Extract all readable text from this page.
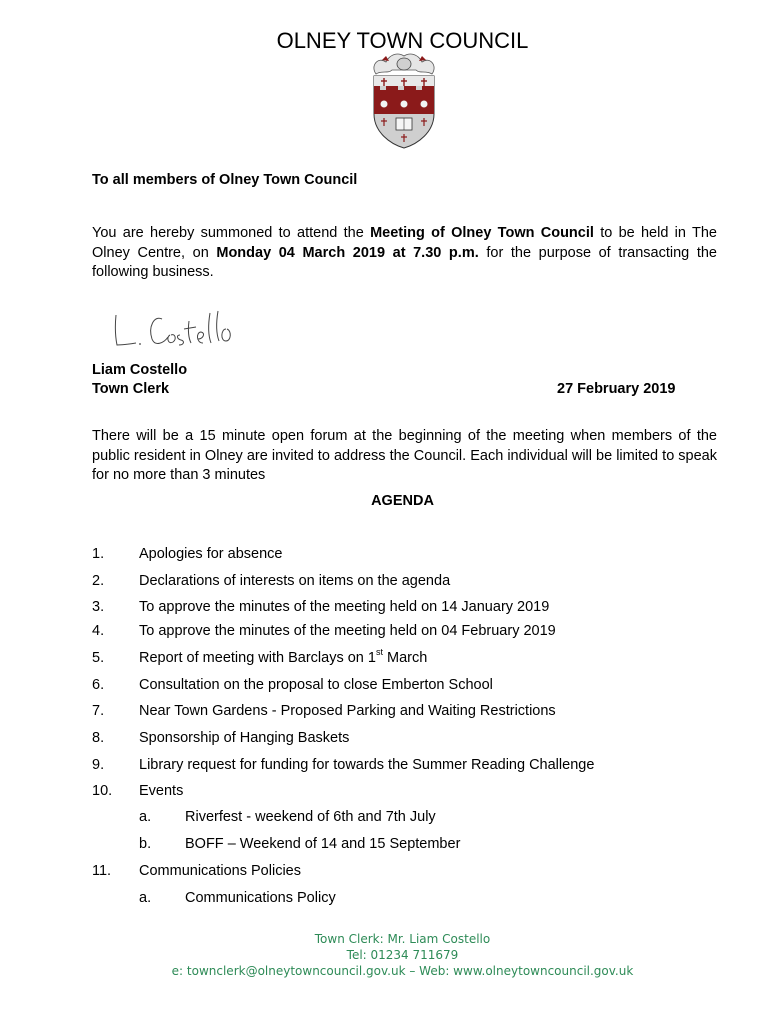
OLNEY TOWN COUNCIL
To all members of Olney Town Council
You are hereby summoned to attend the Meeting of Olney Town Council to be held in The Olney Centre, on Monday 04 March 2019 at 7.30 p.m. for the purpose of transacting the following business.
Liam Costello
Town Clerk	27 February 2019
There will be a 15 minute open forum at the beginning of the meeting when members of the public resident in Olney are invited to address the Council. Each individual will be limited to speak for no more than 3 minutes
AGENDA
1. Apologies for absence
2. Declarations of interests on items on the agenda
3. To approve the minutes of the meeting held on 14 January 2019
4. To approve the minutes of the meeting held on 04 February 2019
5. Report of meeting with Barclays on 1st March
6. Consultation on the proposal to close Emberton School
7. Near Town Gardens - Proposed Parking and Waiting Restrictions
8. Sponsorship of Hanging Baskets
9. Library request for funding for towards the Summer Reading Challenge
10. Events
a. Riverfest - weekend of 6th and 7th July
b. BOFF – Weekend of 14 and 15 September
11. Communications Policies
a. Communications Policy
Town Clerk: Mr. Liam Costello
Tel: 01234 711679
e: townclerk@olneytowncouncil.gov.uk – Web: www.olneytowncouncil.gov.uk
